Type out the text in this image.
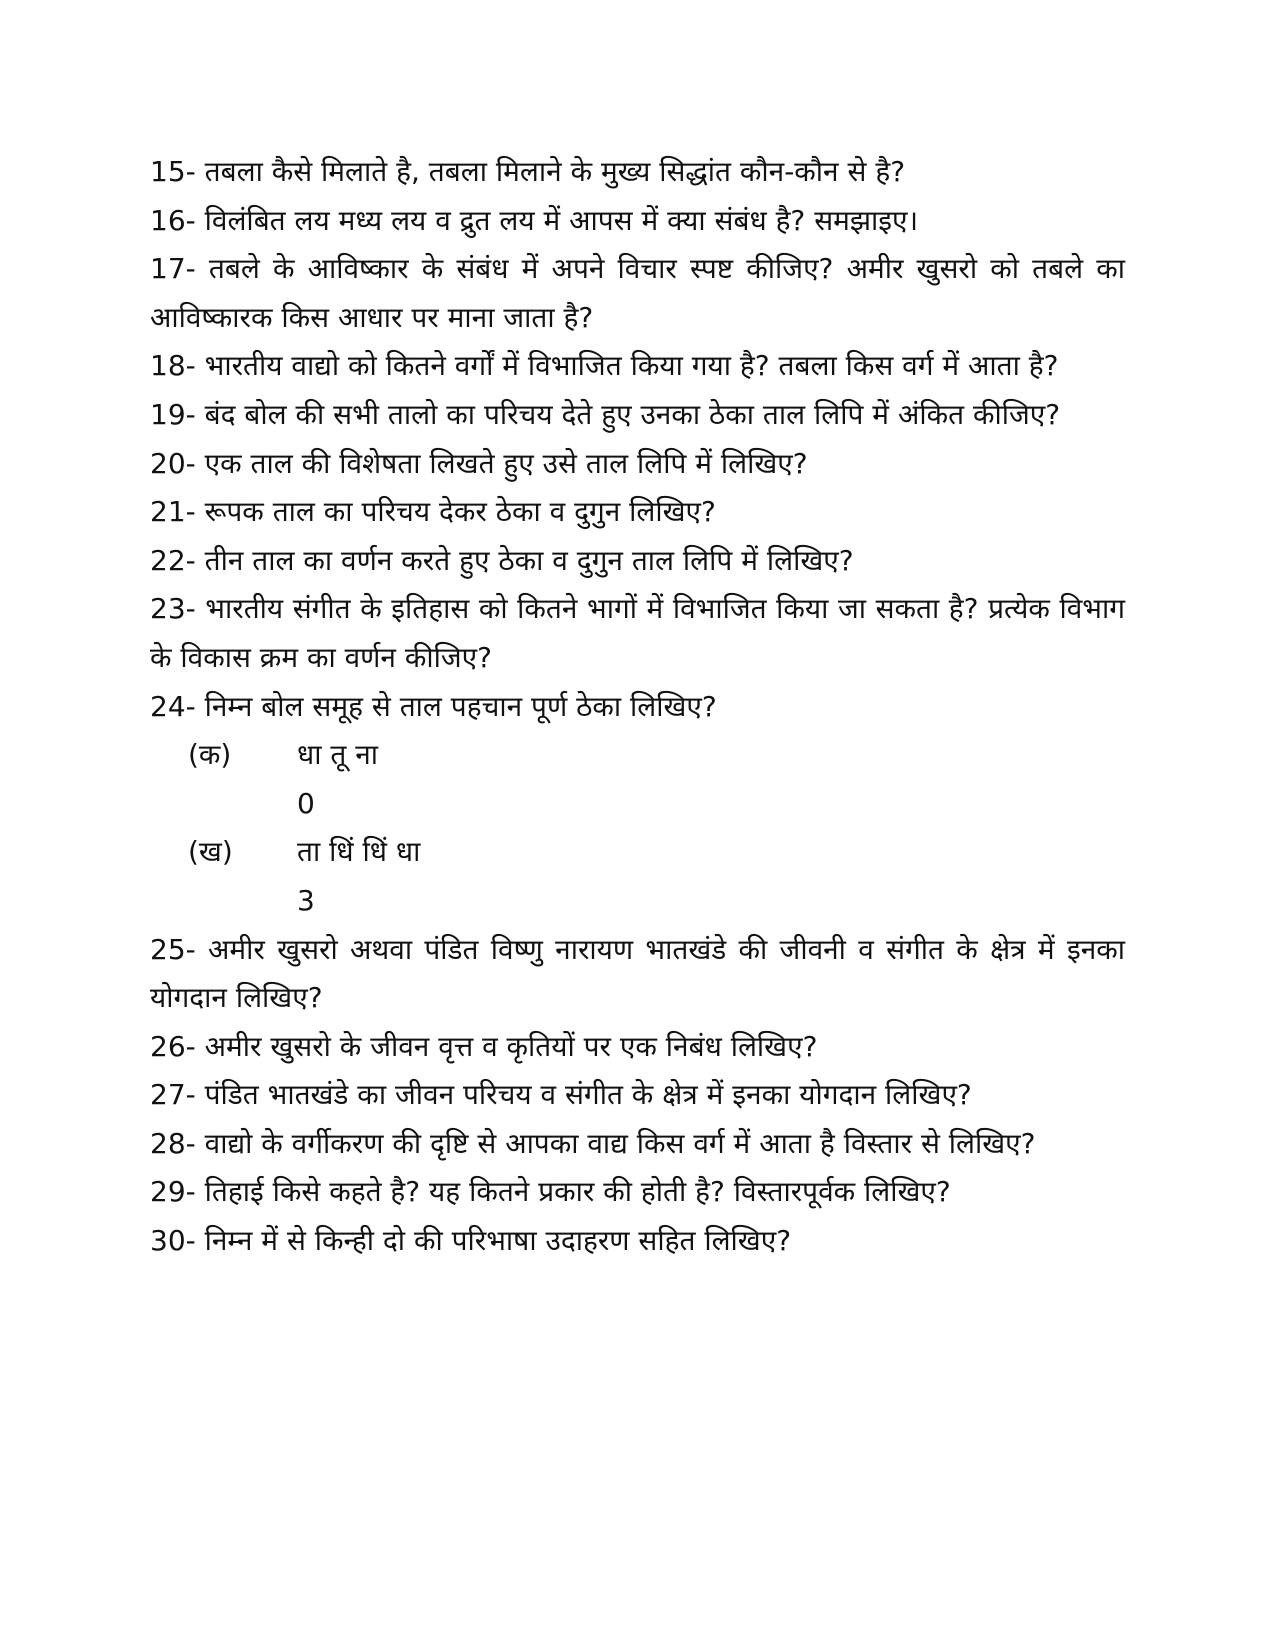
15- तबला कैसे मिलाते है, तबला मिलाने के मुख्य सिद्धांत कौन-कौन से है?

16- विलंबित लय मध्य लय व द्रुत लय में आपस में क्या संबंध है? समझाइए।

17- तबले के आविष्कार के संबंध में अपने विचार स्पष्ट कीजिए? अमीर खुसरो को तबले का आविष्कारक किस आधार पर माना जाता है?

18- भारतीय वाद्यो को कितने वर्गों में विभाजित किया गया है? तबला किस वर्ग में आता है?

19- बंद बोल की सभी तालो का परिचय देते हुए उनका ठेका ताल लिपि में अंकित कीजिए?

20- एक ताल की विशेषता लिखते हुए उसे ताल लिपि में लिखिए?

21- रूपक ताल का परिचय देकर ठेका व दुगुन लिखिए?

22- तीन ताल का वर्णन करते हुए ठेका व दुगुन ताल लिपि में लिखिए?

23- भारतीय संगीत के इतिहास को कितने भागों में विभाजित किया जा सकता है? प्रत्येक विभाग के विकास क्रम का वर्णन कीजिए?

24- निम्न बोल समूह से ताल पहचान पूर्ण ठेका लिखिए?

(क) धा तू ना
0
(ख) ता धिं धिं धा
3

25- अमीर खुसरो अथवा पंडित विष्णु नारायण भातखंडे की जीवनी व संगीत के क्षेत्र में इनका योगदान लिखिए?

26- अमीर खुसरो के जीवन वृत्त व कृतियों पर एक निबंध लिखिए?

27- पंडित भातखंडे का जीवन परिचय व संगीत के क्षेत्र में इनका योगदान लिखिए?

28- वाद्यो के वर्गीकरण की दृष्टि से आपका वाद्य किस वर्ग में आता है विस्तार से लिखिए?

29- तिहाई किसे कहते है? यह कितने प्रकार की होती है? विस्तारपूर्वक लिखिए?

30- निम्न में से किन्ही दो की परिभाषा उदाहरण सहित लिखिए?
